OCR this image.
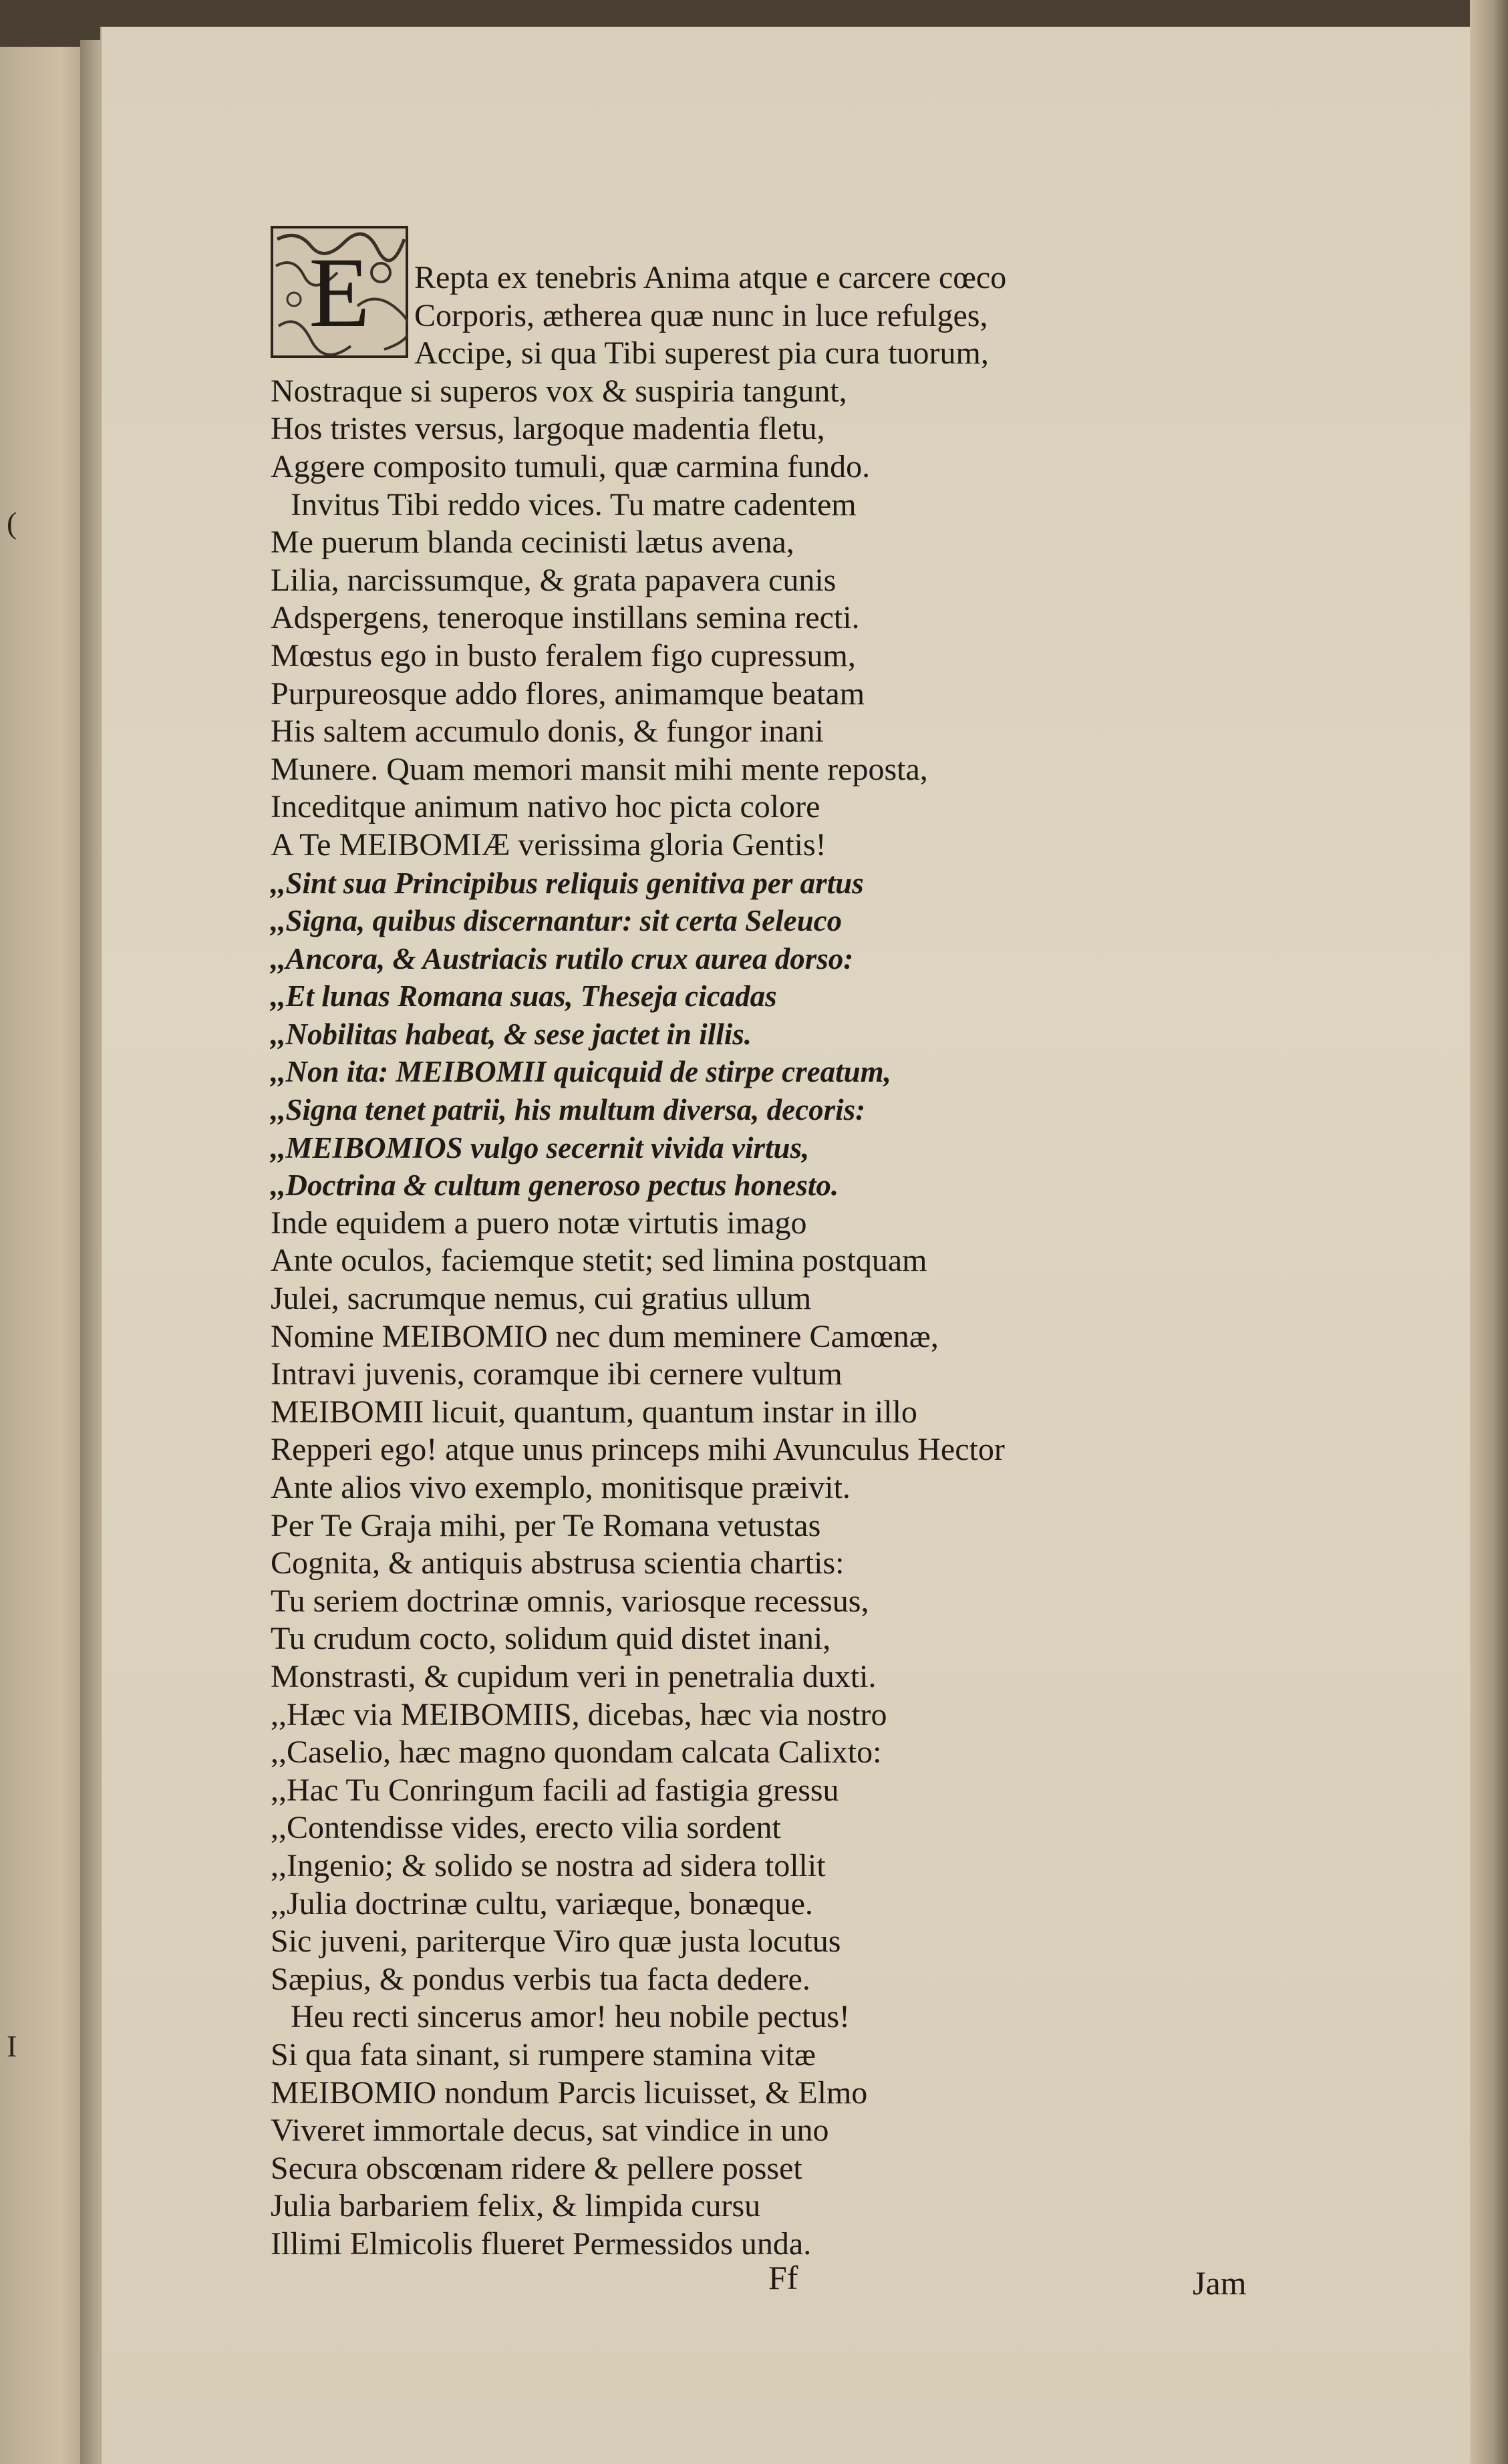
(
I
E	Repta ex tenebris Anima atque e carcere cœco
Corporis, ætherea quæ nunc in luce refulges,
Accipe, si qua Tibi superest pia cura tuorum,
Nostraque si superos vox & suspiria tangunt,
Hos tristes versus, largoque madentia fletu,
Aggere composito tumuli, quæ carmina fundo.
Invitus Tibi reddo vices. Tu matre cadentem
Me puerum blanda cecinisti lætus avena,
Lilia, narcissumque, & grata papavera cunis
Adspergens, teneroque instillans semina recti.
Mœstus ego in busto feralem figo cupressum,
Purpureosque addo flores, animamque beatam
His saltem accumulo donis, & fungor inani
Munere. Quam memori mansit mihi mente reposta,
Inceditque animum nativo hoc picta colore
A Te MEIBOMIÆ verissima gloria Gentis!
,,Sint sua Principibus reliquis genitiva per artus
,,Signa, quibus discernantur: sit certa Seleuco
,,Ancora, & Austriacis rutilo crux aurea dorso:
,,Et lunas Romana suas, Theseja cicadas
,,Nobilitas habeat, & sese jactet in illis.
,,Non ita: MEIBOMII quicquid de stirpe creatum,
,,Signa tenet patrii, his multum diversa, decoris:
,,MEIBOMIOS vulgo secernit vivida virtus,
,,Doctrina & cultum generoso pectus honesto.
Inde equidem a puero notæ virtutis imago
Ante oculos, faciemque stetit; sed limina postquam
Julei, sacrumque nemus, cui gratius ullum
Nomine MEIBOMIO nec dum meminere Camœnæ,
Intravi juvenis, coramque ibi cernere vultum
MEIBOMII licuit, quantum, quantum instar in illo
Repperi ego! atque unus princeps mihi Avunculus Hector
Ante alios vivo exemplo, monitisque præivit.
Per Te Graja mihi, per Te Romana vetustas
Cognita, & antiquis abstrusa scientia chartis:
Tu seriem doctrinæ omnis, variosque recessus,
Tu crudum cocto, solidum quid distet inani,
Monstrasti, & cupidum veri in penetralia duxti.
,,Hæc via MEIBOMIIS, dicebas, hæc via nostro
,,Caselio, hæc magno quondam calcata Calixto:
,,Hac Tu Conringum facili ad fastigia gressu
,,Contendisse vides, erecto vilia sordent
,,Ingenio; & solido se nostra ad sidera tollit
,,Julia doctrinæ cultu, variæque, bonæque.
Sic juveni, pariterque Viro quæ justa locutus
Sæpius, & pondus verbis tua facta dedere.
Heu recti sincerus amor! heu nobile pectus!
Si qua fata sinant, si rumpere stamina vitæ
MEIBOMIO nondum Parcis licuisset, & Elmo
Viveret immortale decus, sat vindice in uno
Secura obscœnam ridere & pellere posset
Julia barbariem felix, & limpida cursu
Illimi Elmicolis flueret Permessidos unda.
Ff	Jam
